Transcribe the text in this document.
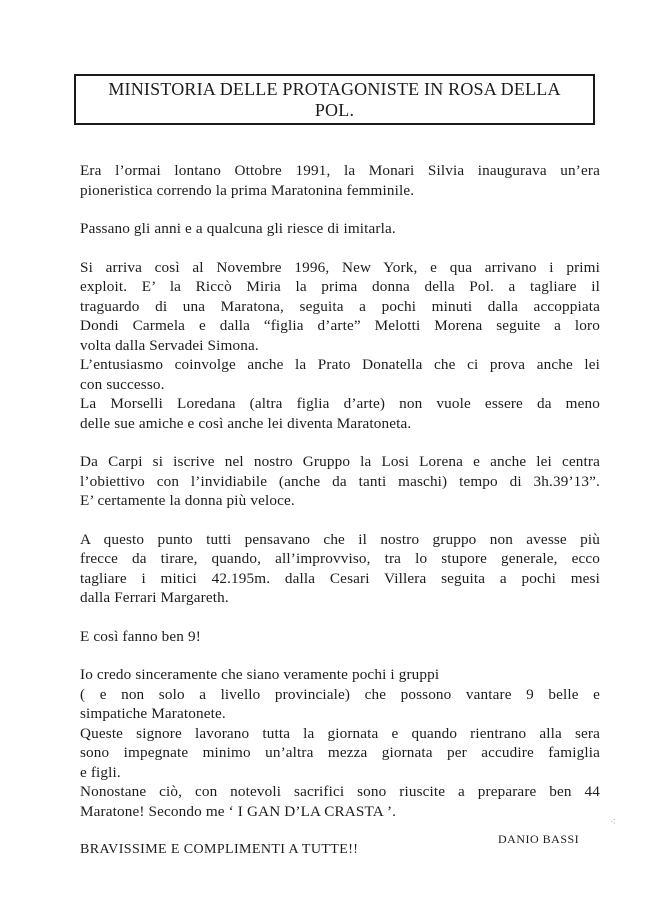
MINISTORIA DELLE PROTAGONISTE IN ROSA DELLA
POL.

Era l’ormai lontano Ottobre 1991, la Monari Silvia inaugurava un’era
pioneristica correndo la prima Maratonina femminile.

Passano gli anni e a qualcuna gli riesce di imitarla.

Si arriva così al Novembre 1996, New York, e qua arrivano i primi
exploit. E’ la Riccò Miria la prima donna della Pol. a tagliare il
traguardo di una Maratona, seguita a pochi minuti dalla accoppiata
Dondi Carmela e dalla “figlia d’arte” Melotti Morena seguite a loro
volta dalla Servadei Simona.
L’entusiasmo coinvolge anche la Prato Donatella che ci prova anche lei
con successo.
La Morselli Loredana (altra figlia d’arte) non vuole essere da meno
delle sue amiche e così anche lei diventa Maratoneta.

Da Carpi si iscrive nel nostro Gruppo la Losi Lorena e anche lei centra
l’obiettivo con l’invidiabile (anche da tanti maschi) tempo di 3h.39’13”.
E’ certamente la donna più veloce.

A questo punto tutti pensavano che il nostro gruppo non avesse più
frecce da tirare, quando, all’improvviso, tra lo stupore generale, ecco
tagliare i mitici 42.195m. dalla Cesari Villera seguita a pochi mesi
dalla Ferrari Margareth.

E così fanno ben 9!

Io credo sinceramente che siano veramente pochi i gruppi
( e non solo a livello provinciale) che possono vantare 9 belle e
simpatiche Maratonete.
Queste signore lavorano tutta la giornata e quando rientrano alla sera
sono impegnate minimo un’altra mezza giornata per accudire famiglia
e figli.
Nonostane ciò, con notevoli sacrifici sono riuscite a preparare ben 44
Maratone! Secondo me ‘ I GAN D’LA CRASTA ’.

BRAVISSIME E COMPLIMENTI A TUTTE!!

DANIO BASSI
⁖
